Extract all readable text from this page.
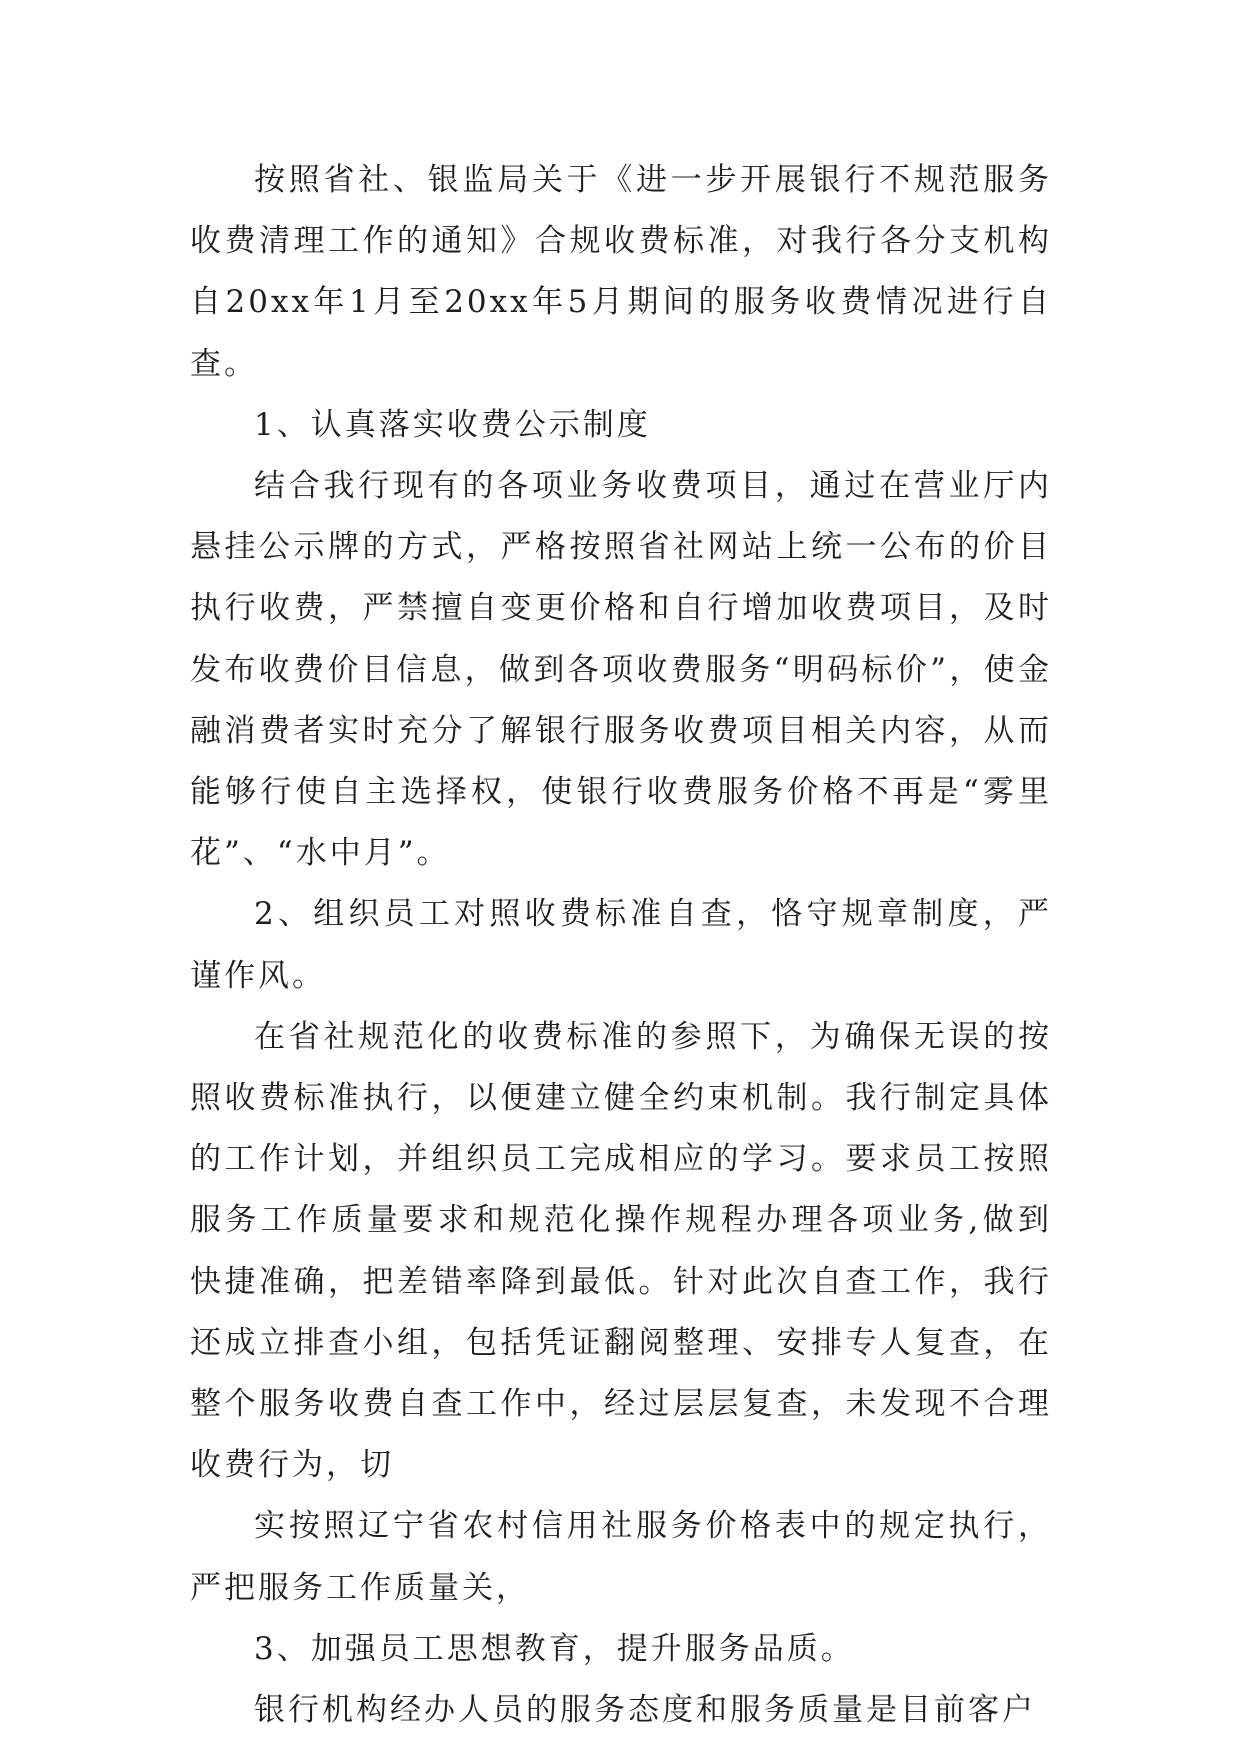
按照省社、银监局关于《进一步开展银行不规范服务收费清理工作的通知》合规收费标准，对我行各分支机构自20xx年1月至20xx年5月期间的服务收费情况进行自查。

1、认真落实收费公示制度

结合我行现有的各项业务收费项目，通过在营业厅内悬挂公示牌的方式，严格按照省社网站上统一公布的价目执行收费，严禁擅自变更价格和自行增加收费项目，及时发布收费价目信息，做到各项收费服务“明码标价”，使金融消费者实时充分了解银行服务收费项目相关内容，从而能够行使自主选择权，使银行收费服务价格不再是“雾里花”、“水中月”。

2、组织员工对照收费标准自查，恪守规章制度，严谨作风。

在省社规范化的收费标准的参照下，为确保无误的按照收费标准执行，以便建立健全约束机制。我行制定具体的工作计划，并组织员工完成相应的学习。要求员工按照服务工作质量要求和规范化操作规程办理各项业务,做到快捷准确，把差错率降到最低。针对此次自查工作，我行还成立排查小组，包括凭证翻阅整理、安排专人复查，在整个服务收费自查工作中，经过层层复查，未发现不合理收费行为，切

实按照辽宁省农村信用社服务价格表中的规定执行，严把服务工作质量关，

3、加强员工思想教育，提升服务品质。

银行机构经办人员的服务态度和服务质量是目前客户
